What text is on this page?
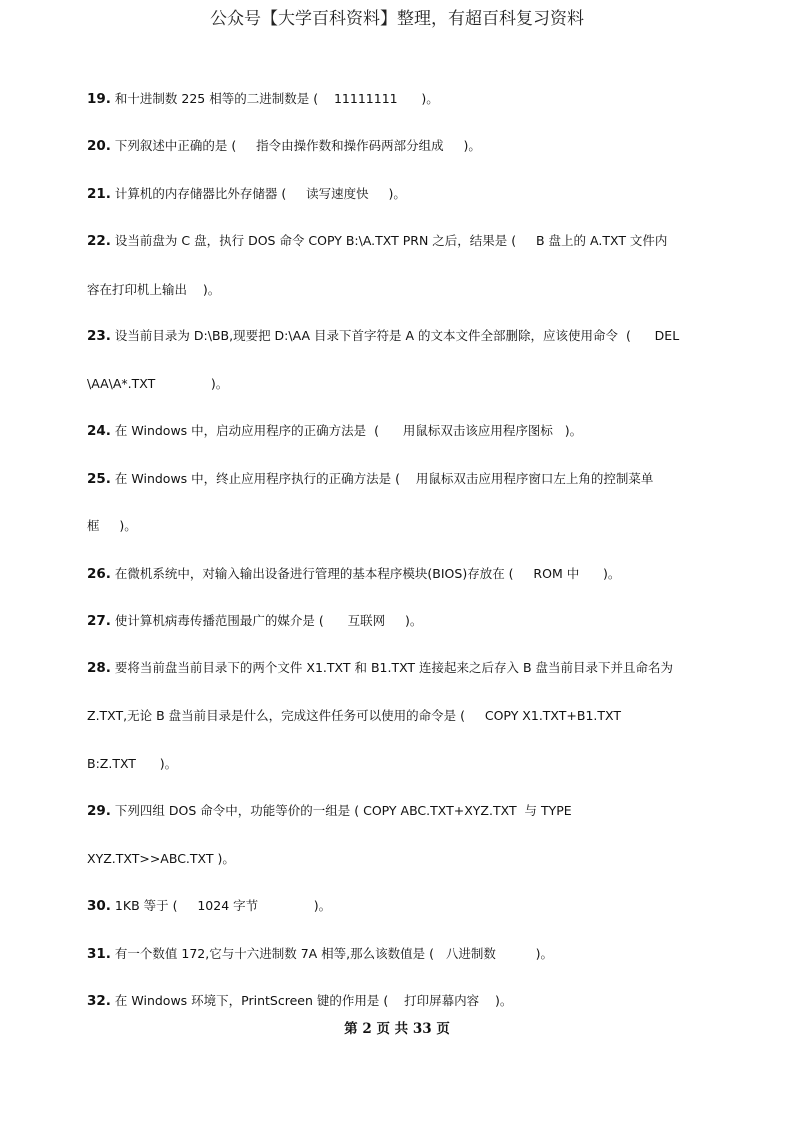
公众号【大学百科资料】整理，有超百科复习资料
19. 和十进制数 225 相等的二进制数是 (    11111111      )。
20. 下列叙述中正确的是 (     指令由操作数和操作码两部分组成     )。
21. 计算机的内存储器比外存储器 (     读写速度快     )。
22. 设当前盘为 C 盘，执行 DOS 命令 COPY B:\A.TXT PRN 之后，结果是 (     B 盘上的 A.TXT 文件内
容在打印机上输出    )。
23. 设当前目录为 D:\BB,现要把 D:\AA 目录下首字符是 A 的文本文件全部删除，应该使用命令  (      DEL
\AA\A*.TXT              )。
24. 在 Windows 中，启动应用程序的正确方法是  (      用鼠标双击该应用程序图标   )。
25. 在 Windows 中，终止应用程序执行的正确方法是 (    用鼠标双击应用程序窗口左上角的控制菜单
框     )。
26. 在微机系统中，对输入输出设备进行管理的基本程序模块(BIOS)存放在 (     ROM 中      )。
27. 使计算机病毒传播范围最广的媒介是 (      互联网     )。
28. 要将当前盘当前目录下的两个文件 X1.TXT 和 B1.TXT 连接起来之后存入 B 盘当前目录下并且命名为
Z.TXT,无论 B 盘当前目录是什么，完成这件任务可以使用的命令是 (     COPY X1.TXT+B1.TXT
B:Z.TXT      )。
29. 下列四组 DOS 命令中，功能等价的一组是 ( COPY ABC.TXT+XYZ.TXT  与 TYPE
XYZ.TXT>>ABC.TXT )。
30. 1KB 等于 (     1024 字节              )。
31. 有一个数值 172,它与十六进制数 7A 相等,那么该数值是 (   八进制数          )。
32. 在 Windows 环境下，PrintScreen 键的作用是 (    打印屏幕内容    )。
第 2 页 共 33 页
